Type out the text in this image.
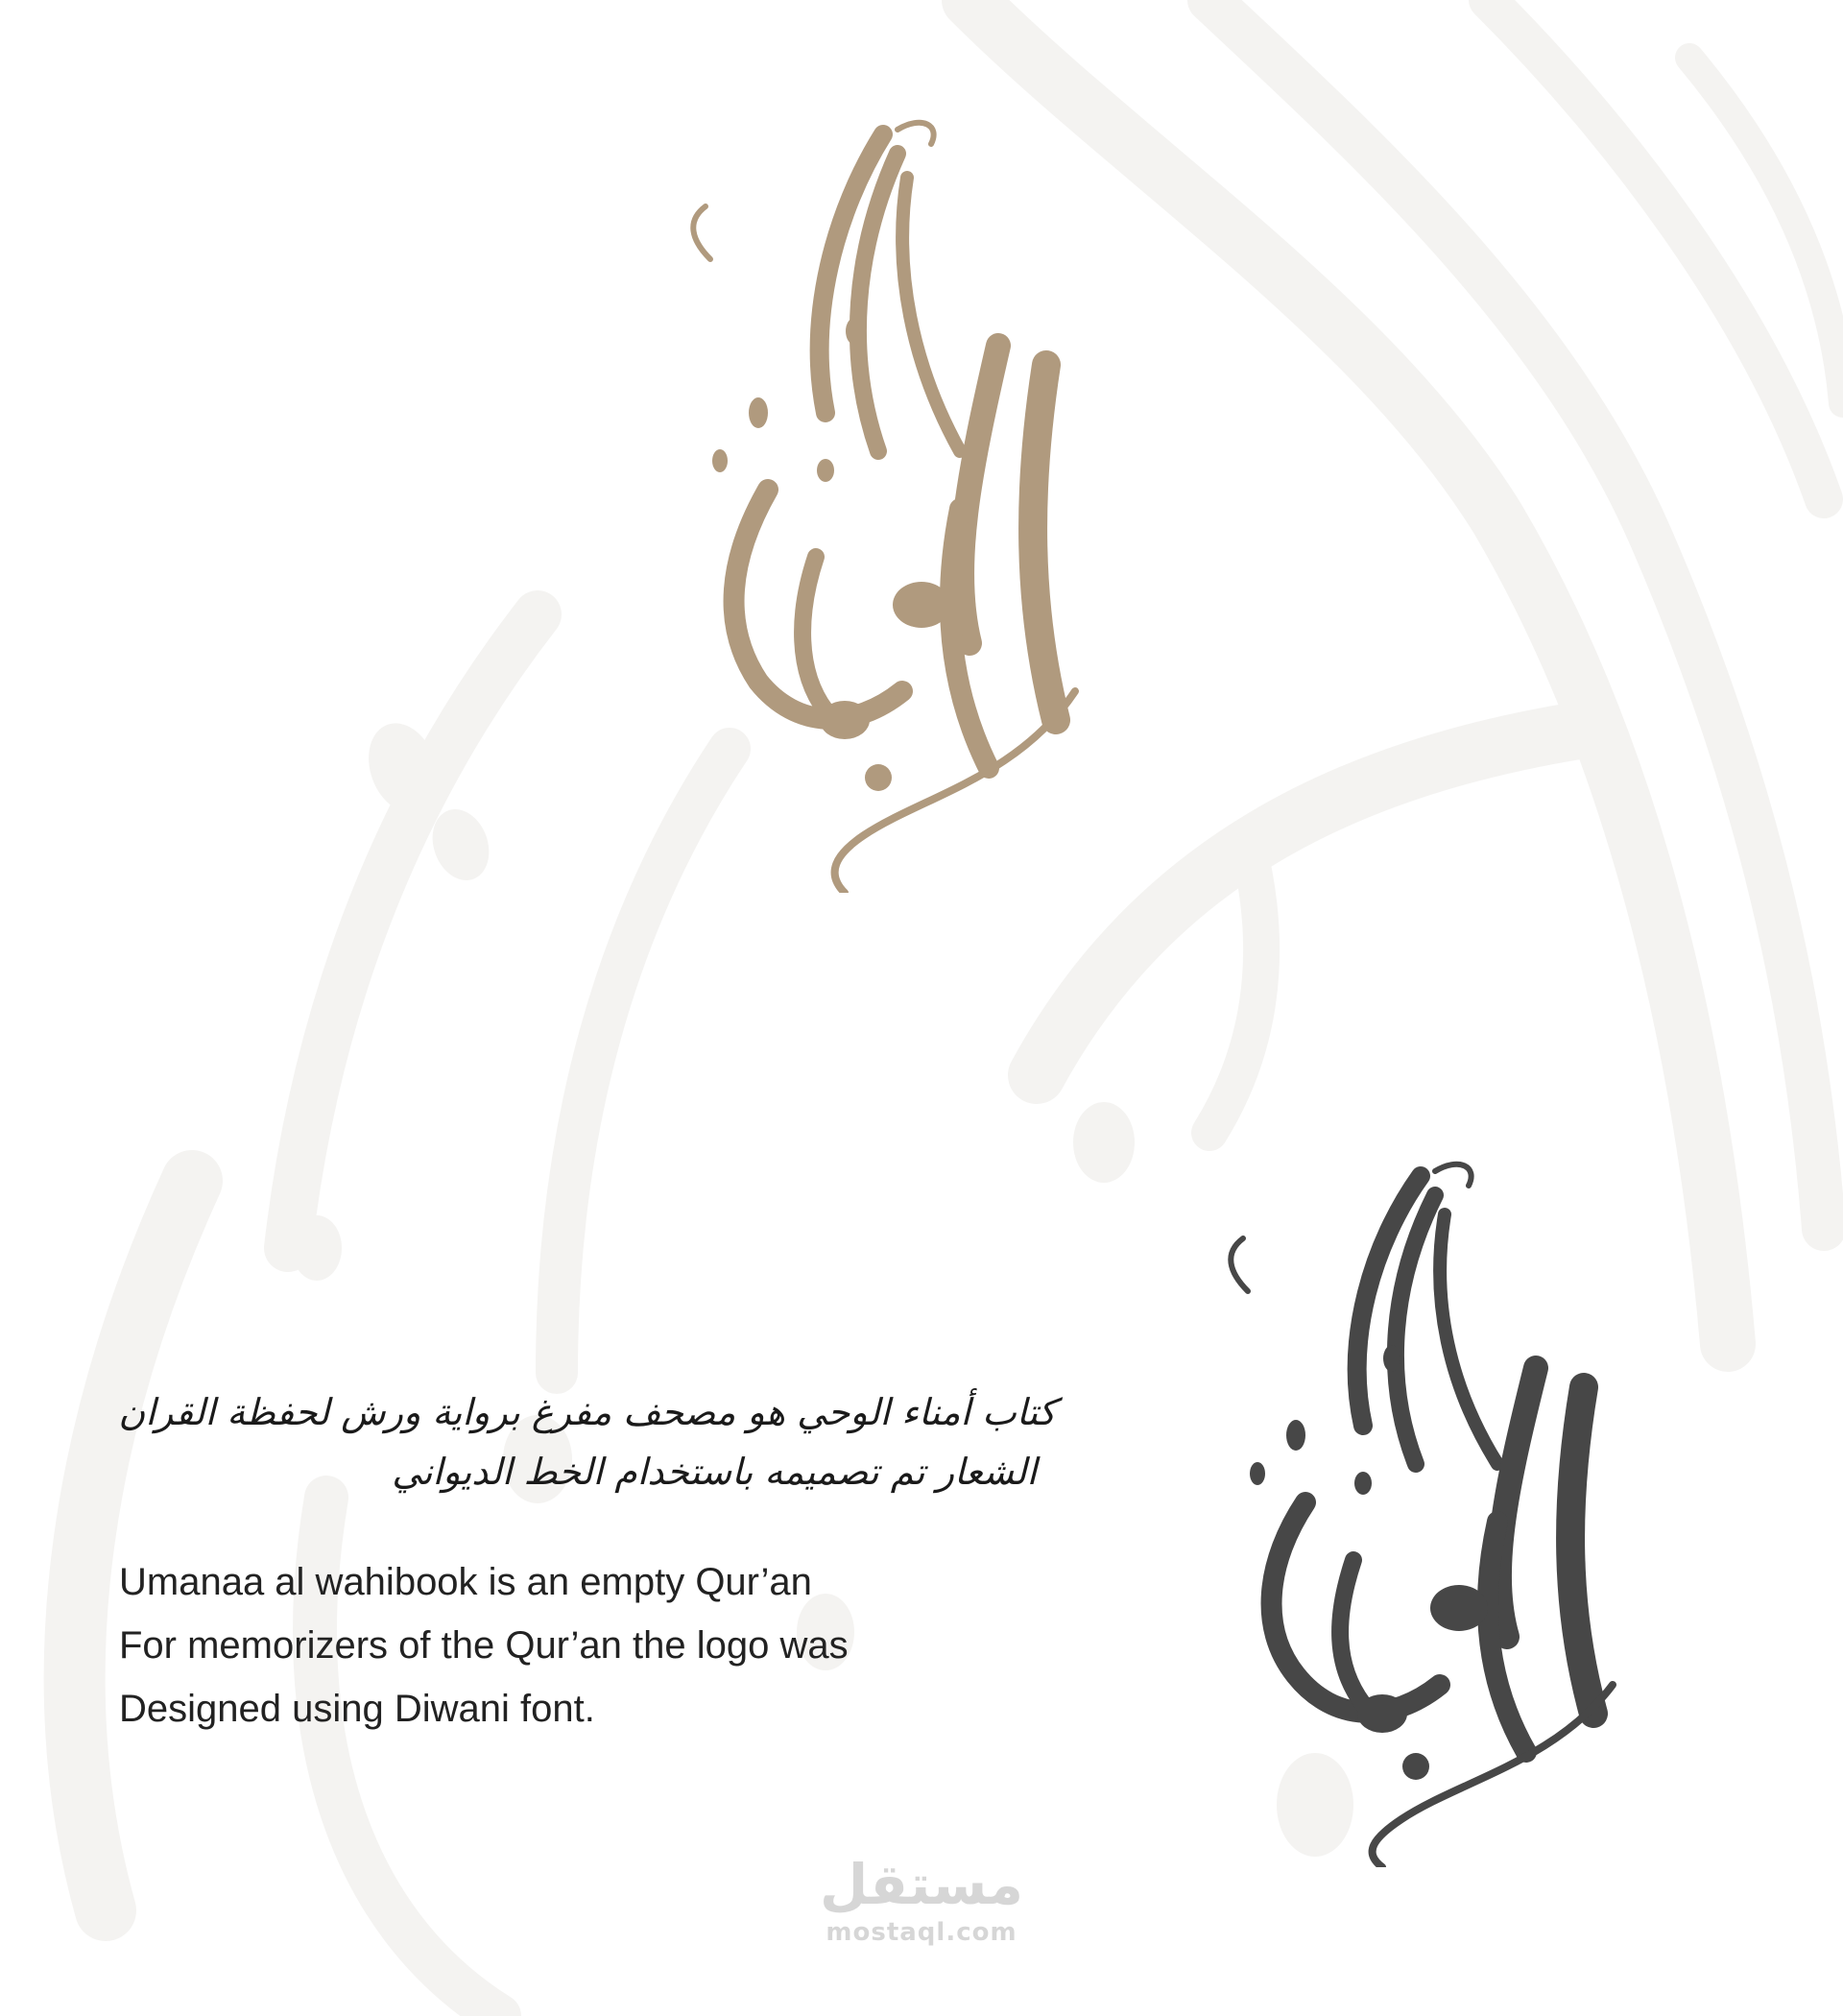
كتاب أمناء الوحي هو مصحف مفرغ برواية ورش لحفظة القران
الشعار تم تصميمه باستخدام الخط الديواني
Umanaa al wahibook is an empty Qur’an
For memorizers of the Qur’an the logo was
Designed using Diwani font.
مستقل
mostaql.com
